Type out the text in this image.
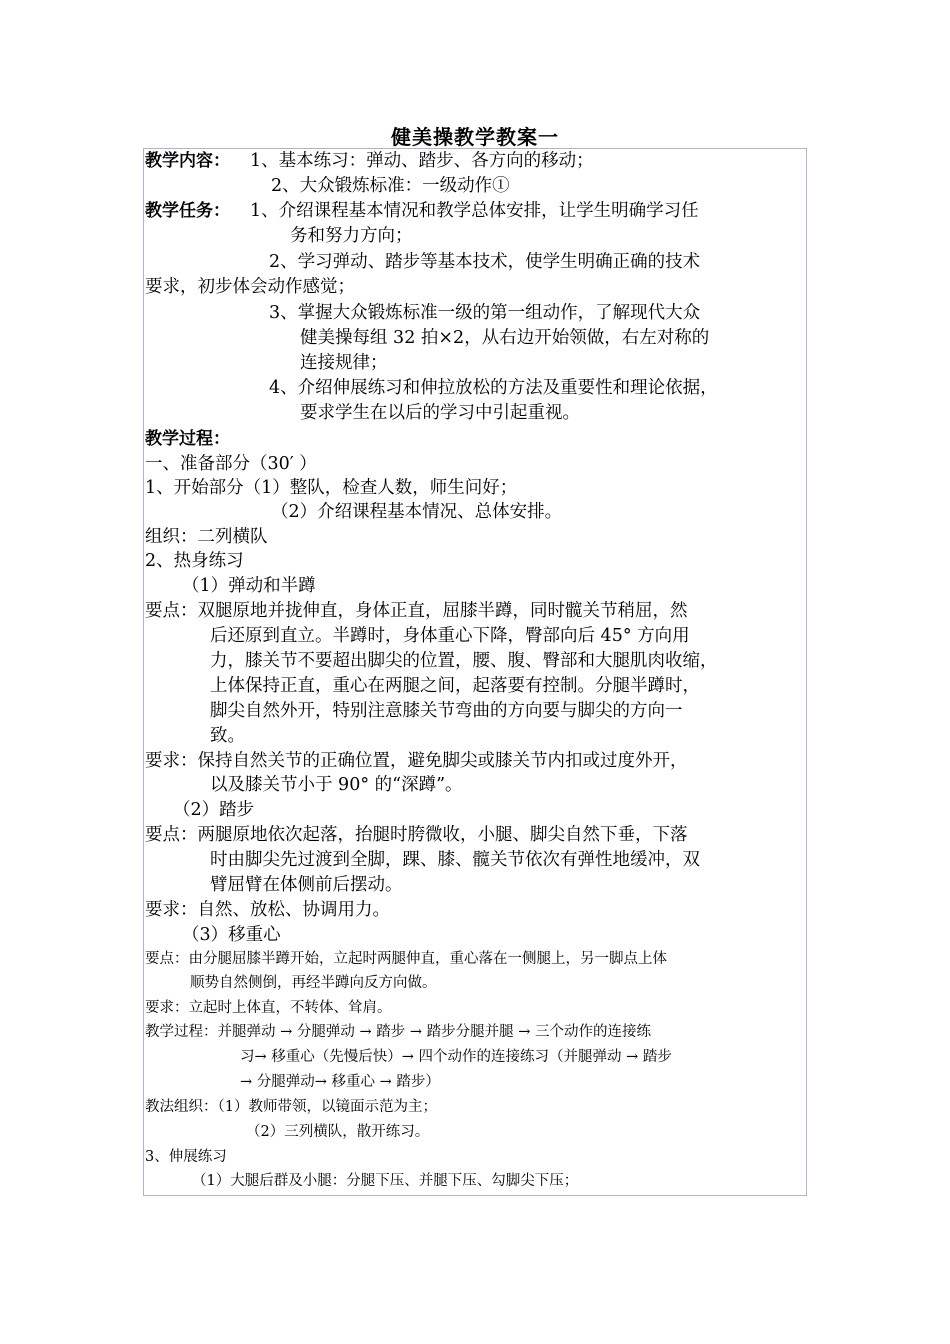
健美操教学教案一
教学内容： 1、基本练习：弹动、踏步、各方向的移动；
2、大众锻炼标准：一级动作①
教学任务： 1、介绍课程基本情况和教学总体安排，让学生明确学习任
务和努力方向；
2、学习弹动、踏步等基本技术，使学生明确正确的技术
要求，初步体会动作感觉；
3、掌握大众锻炼标准一级的第一组动作，了解现代大众
健美操每组 32 拍×2，从右边开始领做，右左对称的
连接规律；
4、介绍伸展练习和伸拉放松的方法及重要性和理论依据，
要求学生在以后的学习中引起重视。
教学过程：
一、准备部分（30′ ）
1、开始部分（1）整队，检查人数，师生问好；
（2）介绍课程基本情况、总体安排。
组织：二列横队
2、热身练习
（1）弹动和半蹲
要点：双腿原地并拢伸直，身体正直，屈膝半蹲，同时髋关节稍屈，然
后还原到直立。半蹲时，身体重心下降，臀部向后 45° 方向用
力，膝关节不要超出脚尖的位置，腰、腹、臀部和大腿肌肉收缩，
上体保持正直，重心在两腿之间，起落要有控制。分腿半蹲时，
脚尖自然外开，特别注意膝关节弯曲的方向要与脚尖的方向一
致。
要求：保持自然关节的正确位置，避免脚尖或膝关节内扣或过度外开，
以及膝关节小于 90° 的“深蹲”。
（2）踏步
要点：两腿原地依次起落，抬腿时胯微收，小腿、脚尖自然下垂，下落
时由脚尖先过渡到全脚，踝、膝、髋关节依次有弹性地缓冲，双
臂屈臂在体侧前后摆动。
要求：自然、放松、协调用力。
（3）移重心
要点：由分腿屈膝半蹲开始，立起时两腿伸直，重心落在一侧腿上，另一脚点上体
顺势自然侧倒，再经半蹲向反方向做。
要求：立起时上体直，不转体、耸肩。
教学过程：并腿弹动 → 分腿弹动 → 踏步 → 踏步分腿并腿 → 三个动作的连接练
习→ 移重心（先慢后快）→ 四个动作的连接练习（并腿弹动 → 踏步
→ 分腿弹动→ 移重心 → 踏步）
教法组织：（1）教师带领，以镜面示范为主；
（2）三列横队，散开练习。
3、伸展练习
（1）大腿后群及小腿：分腿下压、并腿下压、勾脚尖下压；
